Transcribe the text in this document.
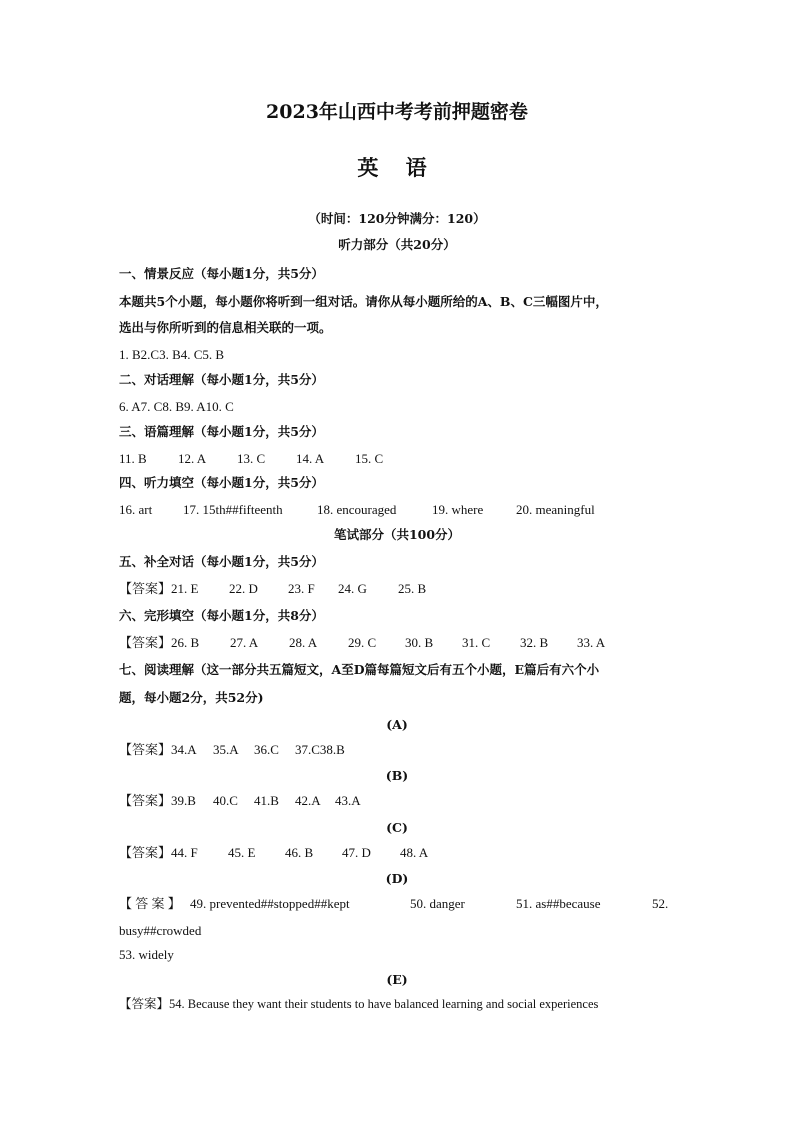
2023年山西中考考前押题密卷
英 语
（时间：120分钟满分：120）
听力部分（共20分）
一、情景反应（每小题1分，共5分）
本题共5个小题，每小题你将听到一组对话。请你从每小题所给的A、B、C三幅图片中，
选出与你所听到的信息相关联的一项。
1. B2.C3. B4. C5. B
二、对话理解（每小题1分，共5分）
6. A7. C8. B9. A10. C
三、语篇理解（每小题1分，共5分）
11. B 12. A 13. C 14. A 15. C
四、听力填空（每小题1分，共5分）
16. art 17. 15th##fifteenth	18. encouraged	19. where	20. meaningful
笔试部分（共100分）
五、补全对话（每小题1分，共5分）
【答案】21. E 22. D 23. F 24. G 25. B
六、完形填空（每小题1分，共8分）
【答案】26. B 27. A 28. A 29. C 30. B 31. C 32. B 33. A
七、阅读理解（这一部分共五篇短文，A至D篇每篇短文后有五个小题，E篇后有六个小
题，每小题2分，共52分)
(A)
【答案】34.A 35.A 36.C 37.C38.B
(B)
【答案】39.B 40.C 41.B 42.A 43.A
(C)
【答案】44. F 45. E 46. B 47. D 48. A
(D)
【 答 案 】 49. prevented##stopped##kept	50. danger	51. as##because	52.
busy##crowded
53. widely
(E)
【答案】54. Because they want their students to have balanced learning and social experiences
